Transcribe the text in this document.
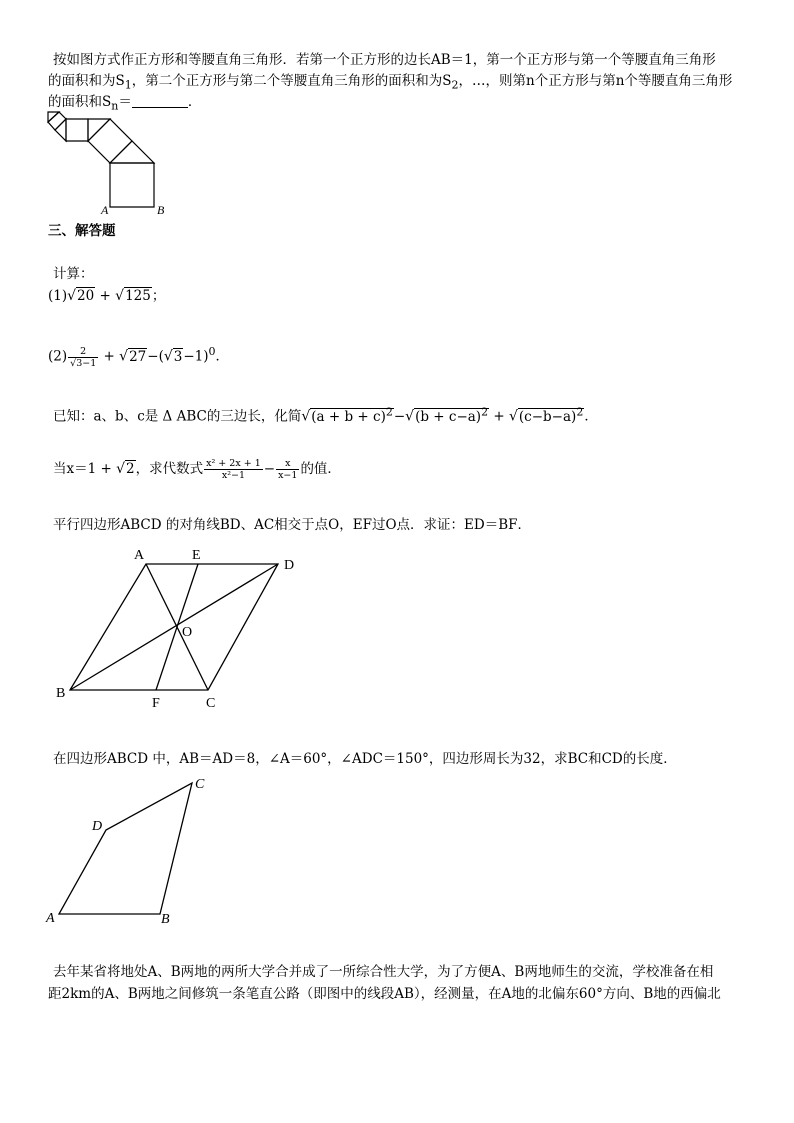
按如图方式作正方形和等腰直角三角形．若第一个正方形的边长AB＝1，第一个正方形与第一个等腰直角三角形
的面积和为$S_1$，第二个正方形与第二个等腰直角三角形的面积和为$S_2$，…，则第n个正方形与第n个等腰直角三角形
的面积和$S_n=$	．
A	B
三、解答题
计算：
(1)√20 + √125；
$(2) \frac{2}{√3-1} + √27-(√3-1)^0$．
已知：a、b、c是 Δ ABC的三边长，化简$√(a + b + c)^2-√(b + c-a)^2 + √(c-b-a)^2$．
当x＝1 + √2，求代数式 $\frac{\text{x² + 2x + 1}}{\text{x²−1}} - \frac{x}{x-1}$ 的值．
平行四边形ABCD 的对角线BD、AC相交于点O，EF过O点．求证：ED＝BF．
A	E
D
O
B
F	C
在四边形ABCD 中，AB＝AD＝8，∠A＝60°，∠ADC＝150°，四边形周长为32，求BC和CD的长度．
A	B
C
D
去年某省将地处A、B两地的两所大学合并成了一所综合性大学，为了方便A、B两地师生的交流，学校准备在相
距2km的A、B两地之间修筑一条笔直公路（即图中的线段AB），经测量，在A地的北偏东60°方向、B地的西偏北
